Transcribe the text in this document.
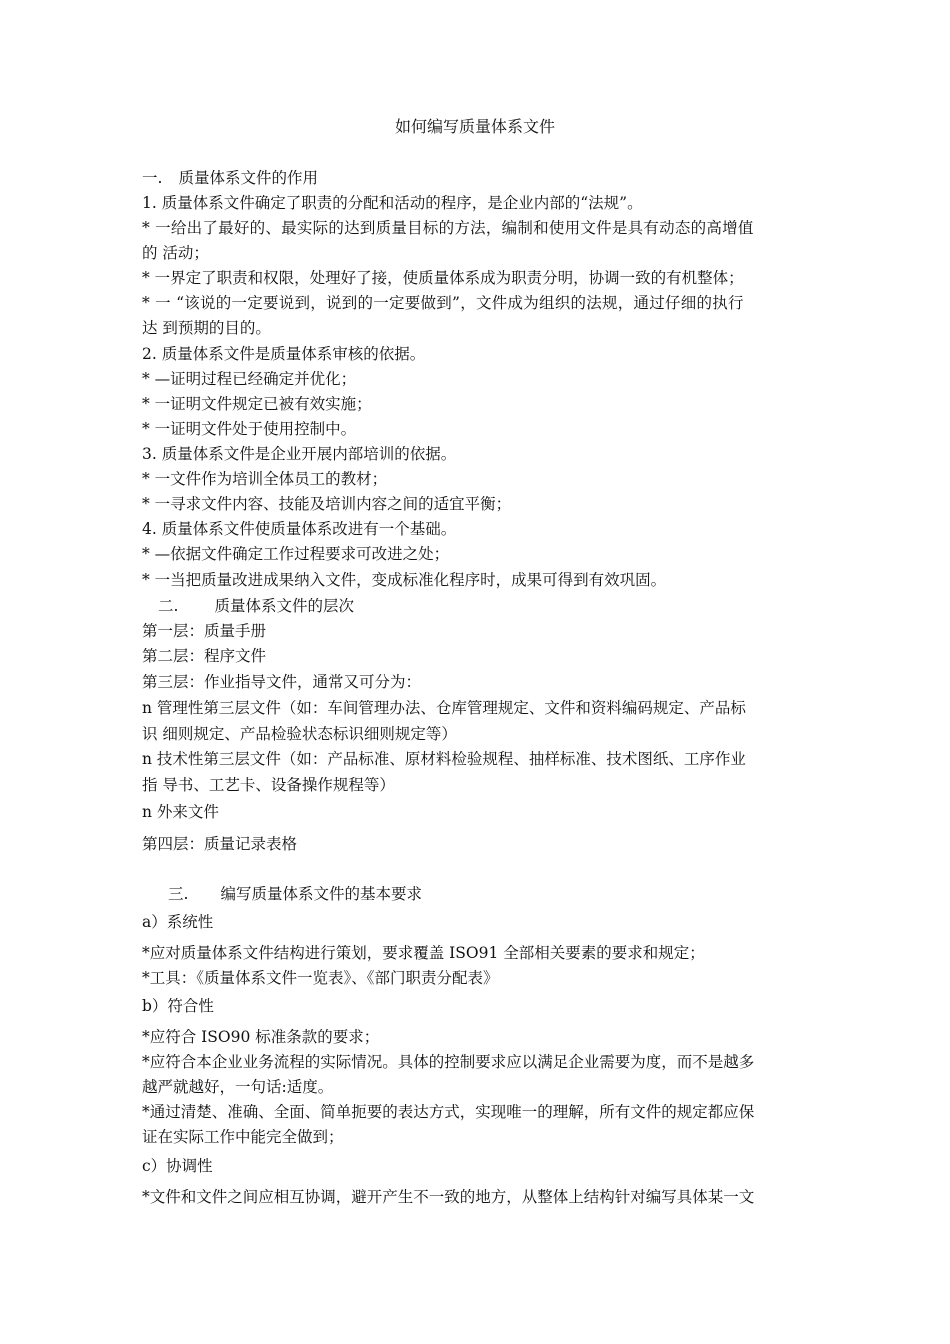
如何编写质量体系文件
一. 质量体系文件的作用
1. 质量体系文件确定了职责的分配和活动的程序，是企业内部的“法规”。
* 一给出了最好的、最实际的达到质量目标的方法，编制和使用文件是具有动态的高增值
的 活动；
* 一界定了职责和权限，处理好了接，使质量体系成为职责分明，协调一致的有机整体；
* 一 “该说的一定要说到，说到的一定要做到”，文件成为组织的法规，通过仔细的执行
达 到预期的目的。
2. 质量体系文件是质量体系审核的依据。
* —证明过程已经确定并优化；
* 一证明文件规定已被有效实施；
* 一证明文件处于使用控制中。
3. 质量体系文件是企业开展内部培训的依据。
* 一文件作为培训全体员工的教材；
* 一寻求文件内容、技能及培训内容之间的适宜平衡；
4. 质量体系文件使质量体系改进有一个基础。
* —依据文件确定工作过程要求可改进之处；
* 一当把质量改进成果纳入文件，变成标准化程序时，成果可得到有效巩固。
二. 质量体系文件的层次
第一层：质量手册
第二层：程序文件
第三层：作业指导文件，通常又可分为：
n 管理性第三层文件（如：车间管理办法、仓库管理规定、文件和资料编码规定、产品标
识 细则规定、产品检验状态标识细则规定等）
n 技术性第三层文件（如：产品标准、原材料检验规程、抽样标准、技术图纸、工序作业
指 导书、工艺卡、设备操作规程等）
n 外来文件
第四层：质量记录表格
三. 编写质量体系文件的基本要求
a）系统性
*应对质量体系文件结构进行策划，要求覆盖 ISO91 全部相关要素的要求和规定；
*工具：《质量体系文件一览表》、《部门职责分配表》
b）符合性
*应符合 ISO90 标准条款的要求；
*应符合本企业业务流程的实际情况。具体的控制要求应以满足企业需要为度，而不是越多
越严就越好，一句话:适度。
*通过清楚、准确、全面、简单扼要的表达方式，实现唯一的理解，所有文件的规定都应保
证在实际工作中能完全做到；
c）协调性
*文件和文件之间应相互协调，避开产生不一致的地方，从整体上结构针对编写具体某一文
